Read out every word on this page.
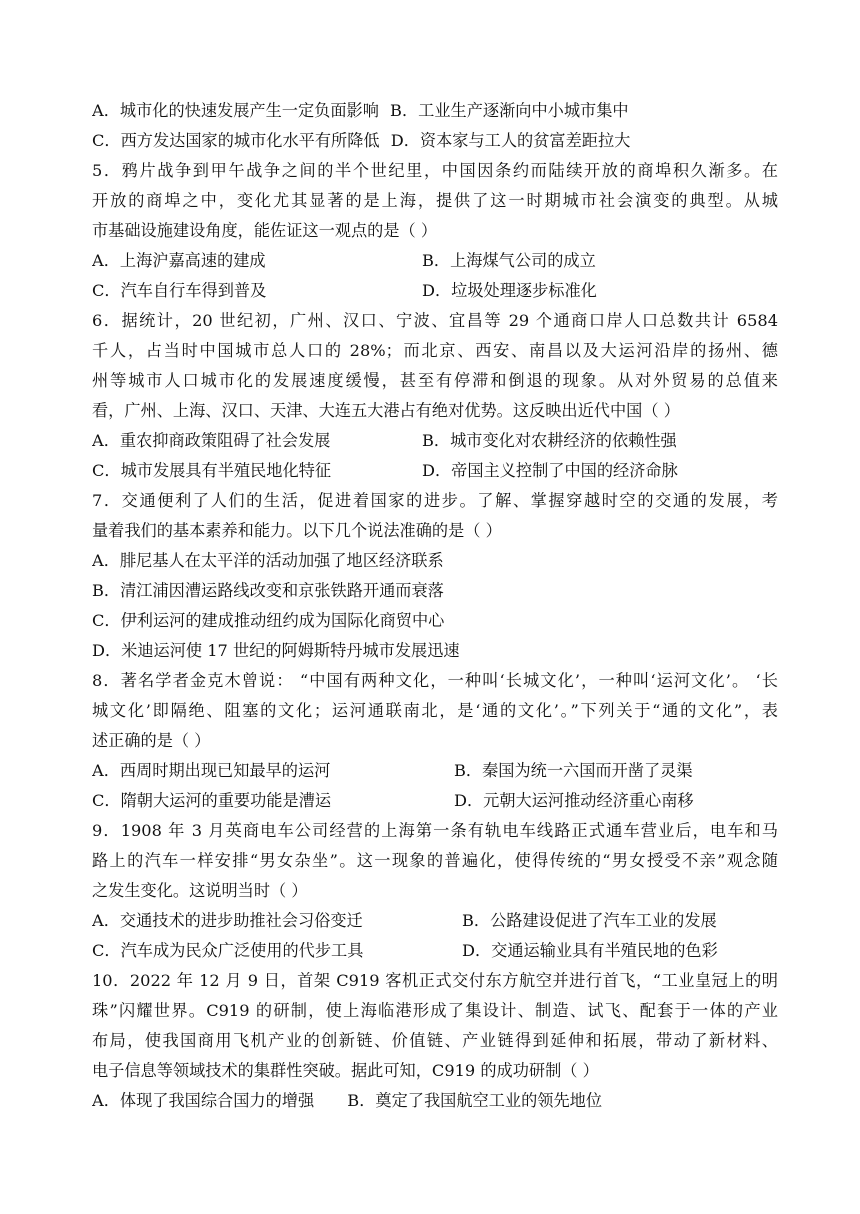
A．城市化的快速发展产生一定负面影响 B．工业生产逐渐向中小城市集中
C．西方发达国家的城市化水平有所降低 D．资本家与工人的贫富差距拉大
5．鸦片战争到甲午战争之间的半个世纪里，中国因条约而陆续开放的商埠积久渐多。在
开放的商埠之中，变化尤其显著的是上海，提供了这一时期城市社会演变的典型。从城
市基础设施建设角度，能佐证这一观点的是（ ）
A．上海沪嘉高速的建成	B．上海煤气公司的成立
C．汽车自行车得到普及	D．垃圾处理逐步标准化
6．据统计，20 世纪初，广州、汉口、宁波、宜昌等 29 个通商口岸人口总数共计 6584
千人，占当时中国城市总人口的 28%；而北京、西安、南昌以及大运河沿岸的扬州、德
州等城市人口城市化的发展速度缓慢，甚至有停滞和倒退的现象。从对外贸易的总值来
看，广州、上海、汉口、天津、大连五大港占有绝对优势。这反映出近代中国（ ）
A．重农抑商政策阻碍了社会发展	B．城市变化对农耕经济的依赖性强
C．城市发展具有半殖民地化特征	D．帝国主义控制了中国的经济命脉
7．交通便利了人们的生活，促进着国家的进步。了解、掌握穿越时空的交通的发展，考
量着我们的基本素养和能力。以下几个说法准确的是（ ）
A．腓尼基人在太平洋的活动加强了地区经济联系
B．清江浦因漕运路线改变和京张铁路开通而衰落
C．伊利运河的建成推动纽约成为国际化商贸中心
D．米迪运河使 17 世纪的阿姆斯特丹城市发展迅速
8．著名学者金克木曾说： “中国有两种文化，一种叫‘长城文化’，一种叫‘运河文化’。 ‘长
城文化’即隔绝、阻塞的文化；运河通联南北，是‘通的文化’。”下列关于“通的文化”，表
述正确的是（ ）
A．西周时期出现已知最早的运河	B．秦国为统一六国而开凿了灵渠
C．隋朝大运河的重要功能是漕运	D．元朝大运河推动经济重心南移
9．1908 年 3 月英商电车公司经营的上海第一条有轨电车线路正式通车营业后，电车和马
路上的汽车一样安排“男女杂坐”。这一现象的普遍化，使得传统的“男女授受不亲”观念随
之发生变化。这说明当时（ ）
A．交通技术的进步助推社会习俗变迁	B．公路建设促进了汽车工业的发展
C．汽车成为民众广泛使用的代步工具	D．交通运输业具有半殖民地的色彩
10．2022 年 12 月 9 日，首架 C919 客机正式交付东方航空并进行首飞，“工业皇冠上的明
珠”闪耀世界。C919 的研制，使上海临港形成了集设计、制造、试飞、配套于一体的产业
布局，使我国商用飞机产业的创新链、价值链、产业链得到延伸和拓展，带动了新材料、
电子信息等领域技术的集群性突破。据此可知，C919 的成功研制（ ）
A．体现了我国综合国力的增强 B．奠定了我国航空工业的领先地位
